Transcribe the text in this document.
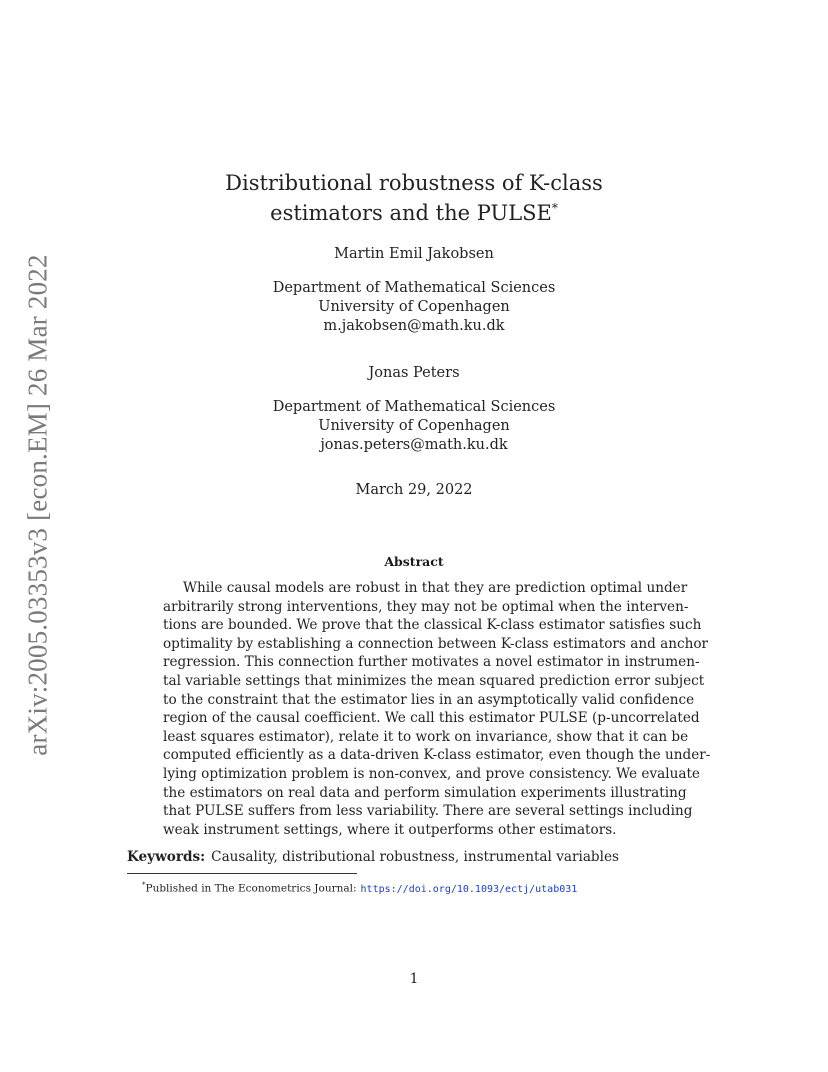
arXiv:2005.03353v3 [econ.EM] 26 Mar 2022
Distributional robustness of K-class
estimators and the PULSE*
Martin Emil Jakobsen
Department of Mathematical Sciences
University of Copenhagen
m.jakobsen@math.ku.dk
Jonas Peters
Department of Mathematical Sciences
University of Copenhagen
jonas.peters@math.ku.dk
March 29, 2022
Abstract
While causal models are robust in that they are prediction optimal under
arbitrarily strong interventions, they may not be optimal when the interven-
tions are bounded. We prove that the classical K-class estimator satisfies such
optimality by establishing a connection between K-class estimators and anchor
regression. This connection further motivates a novel estimator in instrumen-
tal variable settings that minimizes the mean squared prediction error subject
to the constraint that the estimator lies in an asymptotically valid confidence
region of the causal coefficient. We call this estimator PULSE (p-uncorrelated
least squares estimator), relate it to work on invariance, show that it can be
computed efficiently as a data-driven K-class estimator, even though the under-
lying optimization problem is non-convex, and prove consistency. We evaluate
the estimators on real data and perform simulation experiments illustrating
that PULSE suffers from less variability. There are several settings including
weak instrument settings, where it outperforms other estimators.
Keywords: Causality, distributional robustness, instrumental variables
*Published in The Econometrics Journal: https://doi.org/10.1093/ectj/utab031
1
